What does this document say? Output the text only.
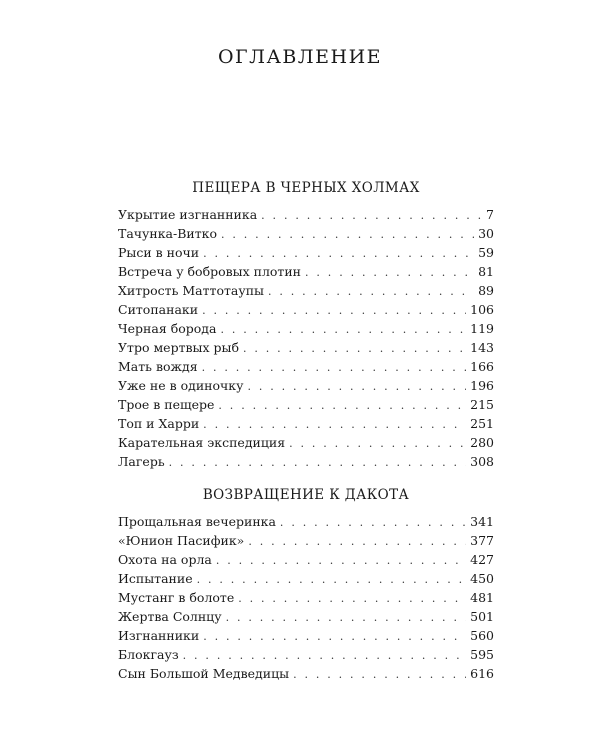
ОГЛАВЛЕНИЕ
ПЕЩЕРА В ЧЕРНЫХ ХОЛМАХ
Укрытие изгнанника . . .	7
Тачунка-Витко . . .	30
Рыси в ночи . . .	59
Встреча у бобровых плотин . . .	81
Хитрость Маттотаупы . . .	89
Ситопанаки . . .	106
Черная борода . . .	119
Утро мертвых рыб . . .	143
Мать вождя . . .	166
Уже не в одиночку . . .	196
Трое в пещере . . .	215
Топ и Харри . . .	251
Карательная экспедиция . . .	280
Лагерь . . .	308
ВОЗВРАЩЕНИЕ К ДАКОТА
Прощальная вечеринка . . .	341
«Юнион Пасифик» . . .	377
Охота на орла . . .	427
Испытание . . .	450
Мустанг в болоте . . .	481
Жертва Солнцу . . .	501
Изгнанники . . .	560
Блокгауз . . .	595
Сын Большой Медведицы . . .	616
